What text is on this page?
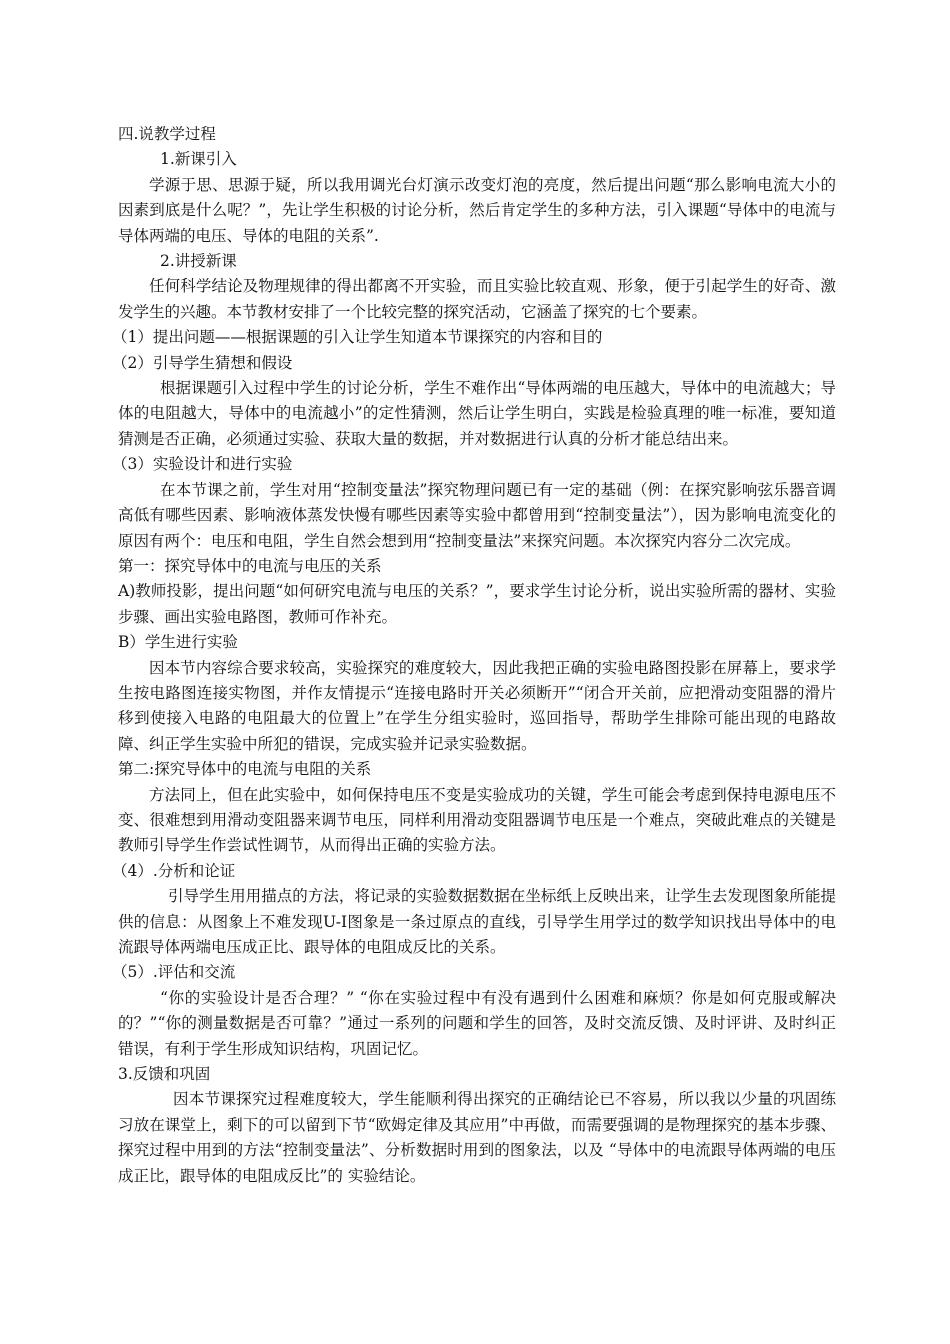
四.说教学过程

1.新课引入

学源于思、思源于疑，所以我用调光台灯演示改变灯泡的亮度，然后提出问题“那么影响电流大小的因素到底是什么呢？”，先让学生积极的讨论分析，然后肯定学生的多种方法，引入课题“导体中的电流与导体两端的电压、导体的电阻的关系”.

2.讲授新课

任何科学结论及物理规律的得出都离不开实验，而且实验比较直观、形象，便于引起学生的好奇、激发学生的兴趣。本节教材安排了一个比较完整的探究活动，它涵盖了探究的七个要素。

（1）提出问题——根据课题的引入让学生知道本节课探究的内容和目的

（2）引导学生猜想和假设

根据课题引入过程中学生的讨论分析，学生不难作出“导体两端的电压越大，导体中的电流越大；导体的电阻越大，导体中的电流越小”的定性猜测，然后让学生明白，实践是检验真理的唯一标准，要知道猜测是否正确，必须通过实验、获取大量的数据，并对数据进行认真的分析才能总结出来。

（3）实验设计和进行实验

在本节课之前，学生对用“控制变量法”探究物理问题已有一定的基础（例：在探究影响弦乐器音调高低有哪些因素、影响液体蒸发快慢有哪些因素等实验中都曾用到“控制变量法”），因为影响电流变化的原因有两个：电压和电阻，学生自然会想到用“控制变量法”来探究问题。本次探究内容分二次完成。

第一：探究导体中的电流与电压的关系

A)教师投影，提出问题“如何研究电流与电压的关系？”，要求学生讨论分析，说出实验所需的器材、实验步骤、画出实验电路图，教师可作补充。

B）学生进行实验

因本节内容综合要求较高，实验探究的难度较大，因此我把正确的实验电路图投影在屏幕上，要求学生按电路图连接实物图，并作友情提示“连接电路时开关必须断开”“闭合开关前，应把滑动变阻器的滑片移到使接入电路的电阻最大的位置上”在学生分组实验时，巡回指导，帮助学生排除可能出现的电路故障、纠正学生实验中所犯的错误，完成实验并记录实验数据。

第二:探究导体中的电流与电阻的关系

方法同上，但在此实验中，如何保持电压不变是实验成功的关键，学生可能会考虑到保持电源电压不变、很难想到用滑动变阻器来调节电压，同样利用滑动变阻器调节电压是一个难点，突破此难点的关键是教师引导学生作尝试性调节，从而得出正确的实验方法。

（4）.分析和论证

引导学生用用描点的方法，将记录的实验数据数据在坐标纸上反映出来，让学生去发现图象所能提供的信息：从图象上不难发现U-I图象是一条过原点的直线，引导学生用学过的数学知识找出导体中的电流跟导体两端电压成正比、跟导体的电阻成反比的关系。

（5）.评估和交流

“你的实验设计是否合理？” “你在实验过程中有没有遇到什么困难和麻烦？你是如何克服或解决的？”“你的测量数据是否可靠？”通过一系列的问题和学生的回答，及时交流反馈、及时评讲、及时纠正错误，有利于学生形成知识结构，巩固记忆。

3.反馈和巩固

因本节课探究过程难度较大，学生能顺利得出探究的正确结论已不容易，所以我以少量的巩固练习放在课堂上，剩下的可以留到下节“欧姆定律及其应用”中再做，而需要强调的是物理探究的基本步骤、探究过程中用到的方法“控制变量法”、分析数据时用到的图象法，以及 “导体中的电流跟导体两端的电压成正比，跟导体的电阻成反比”的 实验结论。
